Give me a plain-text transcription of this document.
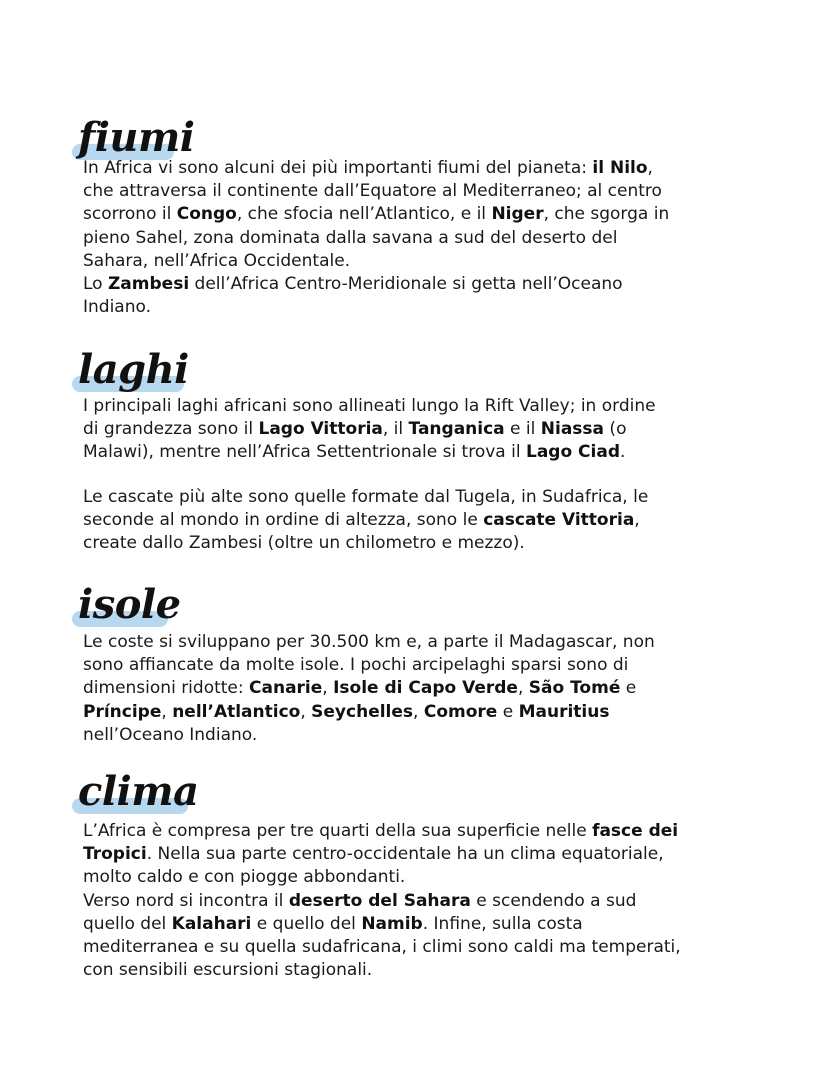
fiumi
In Africa vi sono alcuni dei più importanti fiumi del pianeta: il Nilo,
che attraversa il continente dall’Equatore al Mediterraneo; al centro
scorrono il Congo, che sfocia nell’Atlantico, e il Niger, che sgorga in
pieno Sahel, zona dominata dalla savana a sud del deserto del
Sahara, nell’Africa Occidentale.
Lo Zambesi dell’Africa Centro-Meridionale si getta nell’Oceano
Indiano.
laghi
I principali laghi africani sono allineati lungo la Rift Valley; in ordine
di grandezza sono il Lago Vittoria, il Tanganica e il Niassa (o
Malawi), mentre nell’Africa Settentrionale si trova il Lago Ciad.
Le cascate più alte sono quelle formate dal Tugela, in Sudafrica, le
seconde al mondo in ordine di altezza, sono le cascate Vittoria,
create dallo Zambesi (oltre un chilometro e mezzo).
isole
Le coste si sviluppano per 30.500 km e, a parte il Madagascar, non
sono affiancate da molte isole. I pochi arcipelaghi sparsi sono di
dimensioni ridotte: Canarie, Isole di Capo Verde, São Tomé e
Príncipe, nell’Atlantico, Seychelles, Comore e Mauritius
nell’Oceano Indiano.
clima
L’Africa è compresa per tre quarti della sua superficie nelle fasce dei
Tropici. Nella sua parte centro-occidentale ha un clima equatoriale,
molto caldo e con piogge abbondanti.
Verso nord si incontra il deserto del Sahara e scendendo a sud
quello del Kalahari e quello del Namib. Infine, sulla costa
mediterranea e su quella sudafricana, i climi sono caldi ma temperati,
con sensibili escursioni stagionali.
